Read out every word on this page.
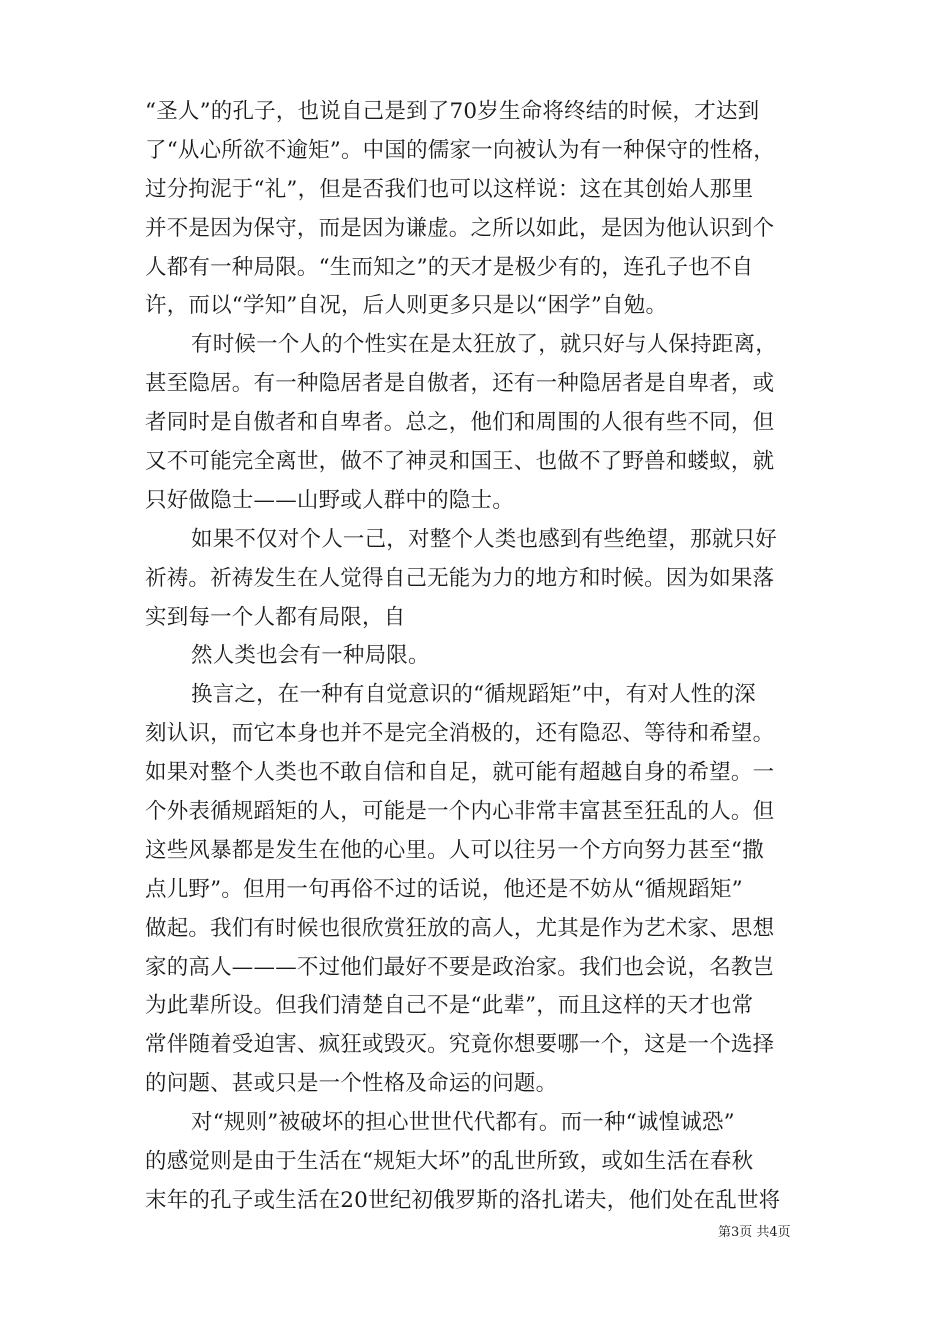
“圣人”的孔子，也说自己是到了70岁生命将终结的时候，才达到
了“从心所欲不逾矩”。中国的儒家一向被认为有一种保守的性格，
过分拘泥于“礼”，但是否我们也可以这样说：这在其创始人那里
并不是因为保守，而是因为谦虚。之所以如此，是因为他认识到个
人都有一种局限。“生而知之”的天才是极少有的，连孔子也不自
许，而以“学知”自况，后人则更多只是以“困学”自勉。
有时候一个人的个性实在是太狂放了，就只好与人保持距离，
甚至隐居。有一种隐居者是自傲者，还有一种隐居者是自卑者，或
者同时是自傲者和自卑者。总之，他们和周围的人很有些不同，但
又不可能完全离世，做不了神灵和国王、也做不了野兽和蝼蚁，就
只好做隐士——山野或人群中的隐士。
如果不仅对个人一己，对整个人类也感到有些绝望，那就只好
祈祷。祈祷发生在人觉得自己无能为力的地方和时候。因为如果落
实到每一个人都有局限，自
然人类也会有一种局限。
换言之，在一种有自觉意识的“循规蹈矩”中，有对人性的深
刻认识，而它本身也并不是完全消极的，还有隐忍、等待和希望。
如果对整个人类也不敢自信和自足，就可能有超越自身的希望。一
个外表循规蹈矩的人，可能是一个内心非常丰富甚至狂乱的人。但
这些风暴都是发生在他的心里。人可以往另一个方向努力甚至“撒
点儿野”。但用一句再俗不过的话说，他还是不妨从“循规蹈矩”
做起。我们有时候也很欣赏狂放的高人，尤其是作为艺术家、思想
家的高人———不过他们最好不要是政治家。我们也会说，名教岂
为此辈所设。但我们清楚自己不是“此辈”，而且这样的天才也常
常伴随着受迫害、疯狂或毁灭。究竟你想要哪一个，这是一个选择
的问题、甚或只是一个性格及命运的问题。
对“规则”被破坏的担心世世代代都有。而一种“诚惶诚恐”
的感觉则是由于生活在“规矩大坏”的乱世所致，或如生活在春秋
末年的孔子或生活在20世纪初俄罗斯的洛扎诺夫，他们处在乱世将
第3页 共4页
